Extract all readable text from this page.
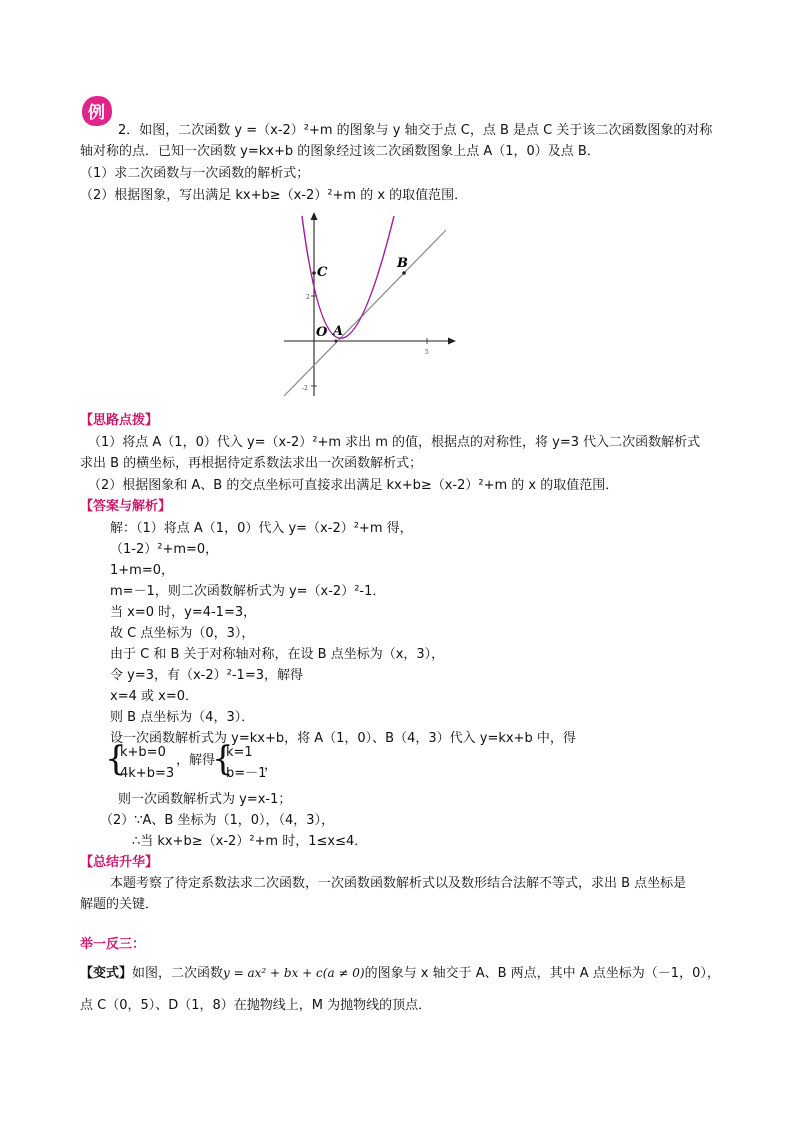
例
2．如图，二次函数 y =（x-2）²+m 的图象与 y 轴交于点 C，点 B 是点 C 关于该二次函数图象的对称
轴对称的点．已知一次函数 y=kx+b 的图象经过该二次函数图象上点 A（1，0）及点 B．
（1）求二次函数与一次函数的解析式；
（2）根据图象，写出满足 kx+b≥（x-2）²+m 的 x 的取值范围．
2
5
-2
C
B
O A
【思路点拨】
（1）将点 A（1，0）代入 y=（x-2）²+m 求出 m 的值，根据点的对称性，将 y=3 代入二次函数解析式
求出 B 的横坐标，再根据待定系数法求出一次函数解析式；
（2）根据图象和 A、B 的交点坐标可直接求出满足 kx+b≥（x-2）²+m 的 x 的取值范围．
【答案与解析】
解：（1）将点 A（1，0）代入 y=（x-2）²+m 得，
（1-2）²+m=0，
1+m=0，
m=－1，则二次函数解析式为 y=（x-2）²-1．
当 x=0 时，y=4-1=3，
故 C 点坐标为（0，3），
由于 C 和 B 关于对称轴对称，在设 B 点坐标为（x，3），
令 y=3，有（x-2）²-1=3，解得
x=4 或 x=0．
则 B 点坐标为（4，3）．
设一次函数解析式为 y=kx+b，将 A（1，0）、B（4，3）代入 y=kx+b 中，得
{
k+b=0
4k+b=3
，解得
{
k=1
b=－1
，
则一次函数解析式为 y=x-1；
（2）∵A、B 坐标为（1，0），（4，3），
∴当 kx+b≥（x-2）²+m 时，1≤x≤4．
【总结升华】
本题考察了待定系数法求二次函数，一次函数函数解析式以及数形结合法解不等式，求出 B 点坐标是
解题的关键．
举一反三：
【变式】如图，二次函数y = ax² + bx + c(a ≠ 0)的图象与 x 轴交于 A、B 两点，其中 A 点坐标为（－1，0），
点 C（0，5）、D（1，8）在抛物线上，M 为抛物线的顶点．
